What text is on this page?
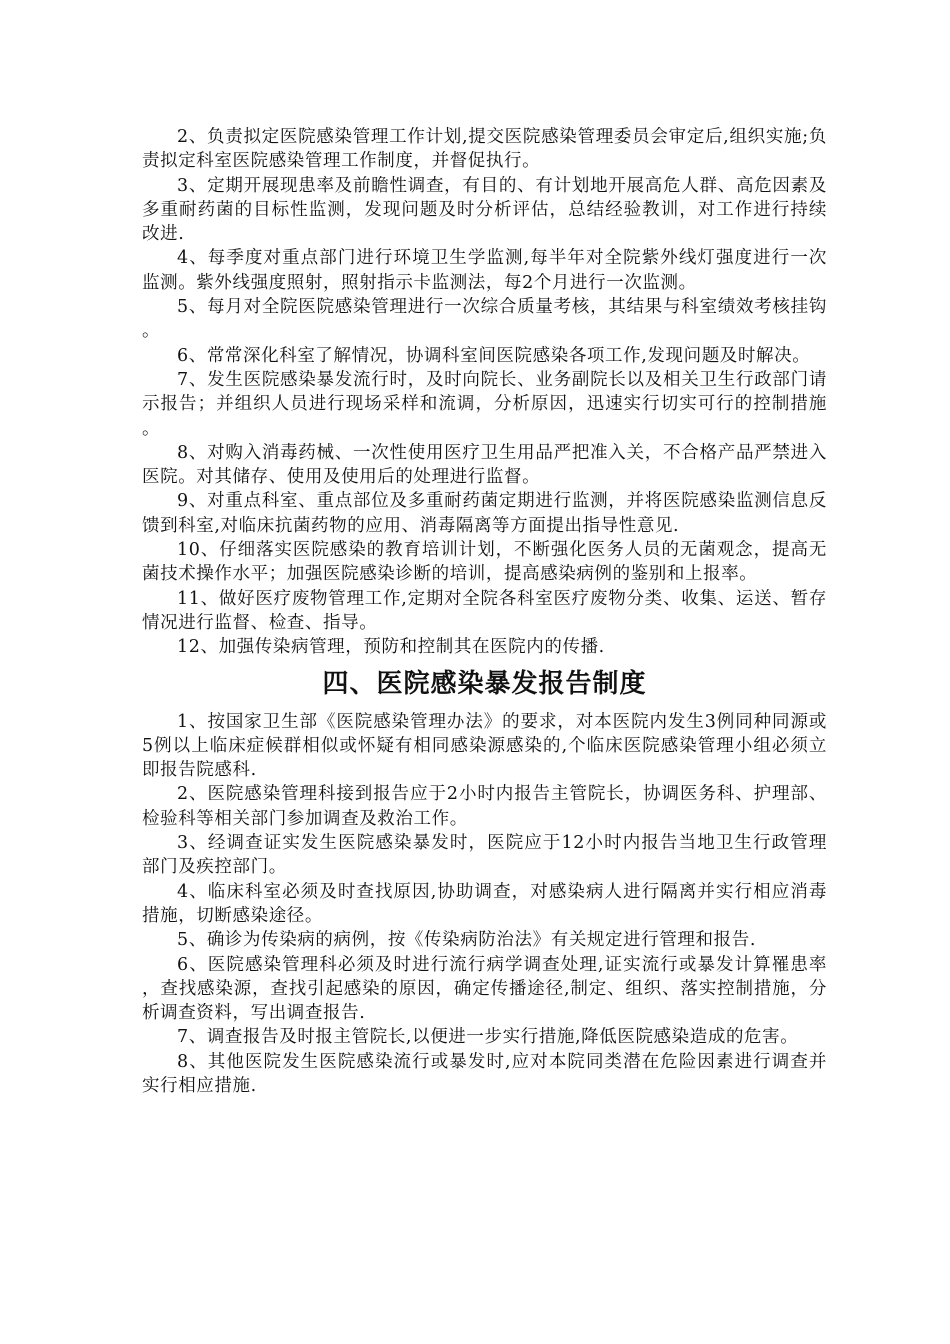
2、负责拟定医院感染管理工作计划,提交医院感染管理委员会审定后,组织实施;负责拟定科室医院感染管理工作制度，并督促执行。

3、定期开展现患率及前瞻性调查，有目的、有计划地开展高危人群、高危因素及多重耐药菌的目标性监测，发现问题及时分析评估，总结经验教训，对工作进行持续改进.

4、每季度对重点部门进行环境卫生学监测,每半年对全院紫外线灯强度进行一次监测。紫外线强度照射，照射指示卡监测法，每2个月进行一次监测。

5、每月对全院医院感染管理进行一次综合质量考核，其结果与科室绩效考核挂钩。

6、常常深化科室了解情况，协调科室间医院感染各项工作,发现问题及时解决。

7、发生医院感染暴发流行时，及时向院长、业务副院长以及相关卫生行政部门请示报告；并组织人员进行现场采样和流调，分析原因，迅速实行切实可行的控制措施。

8、对购入消毒药械、一次性使用医疗卫生用品严把准入关，不合格产品严禁进入医院。对其储存、使用及使用后的处理进行监督。

9、对重点科室、重点部位及多重耐药菌定期进行监测，并将医院感染监测信息反馈到科室,对临床抗菌药物的应用、消毒隔离等方面提出指导性意见.

10、仔细落实医院感染的教育培训计划，不断强化医务人员的无菌观念，提高无菌技术操作水平；加强医院感染诊断的培训，提高感染病例的鉴别和上报率。

11、做好医疗废物管理工作,定期对全院各科室医疗废物分类、收集、运送、暂存情况进行监督、检查、指导。

12、加强传染病管理，预防和控制其在医院内的传播.

四、医院感染暴发报告制度

1、按国家卫生部《医院感染管理办法》的要求，对本医院内发生3例同种同源或5例以上临床症候群相似或怀疑有相同感染源感染的,个临床医院感染管理小组必须立即报告院感科.

2、医院感染管理科接到报告应于2小时内报告主管院长，协调医务科、护理部、检验科等相关部门参加调查及救治工作。

3、经调查证实发生医院感染暴发时，医院应于12小时内报告当地卫生行政管理部门及疾控部门。

4、临床科室必须及时查找原因,协助调查，对感染病人进行隔离并实行相应消毒措施，切断感染途径。

5、确诊为传染病的病例，按《传染病防治法》有关规定进行管理和报告.

6、医院感染管理科必须及时进行流行病学调查处理,证实流行或暴发计算罹患率，查找感染源，查找引起感染的原因，确定传播途径,制定、组织、落实控制措施，分析调查资料，写出调查报告.

7、调查报告及时报主管院长,以便进一步实行措施,降低医院感染造成的危害。

8、其他医院发生医院感染流行或暴发时,应对本院同类潜在危险因素进行调查并实行相应措施.
